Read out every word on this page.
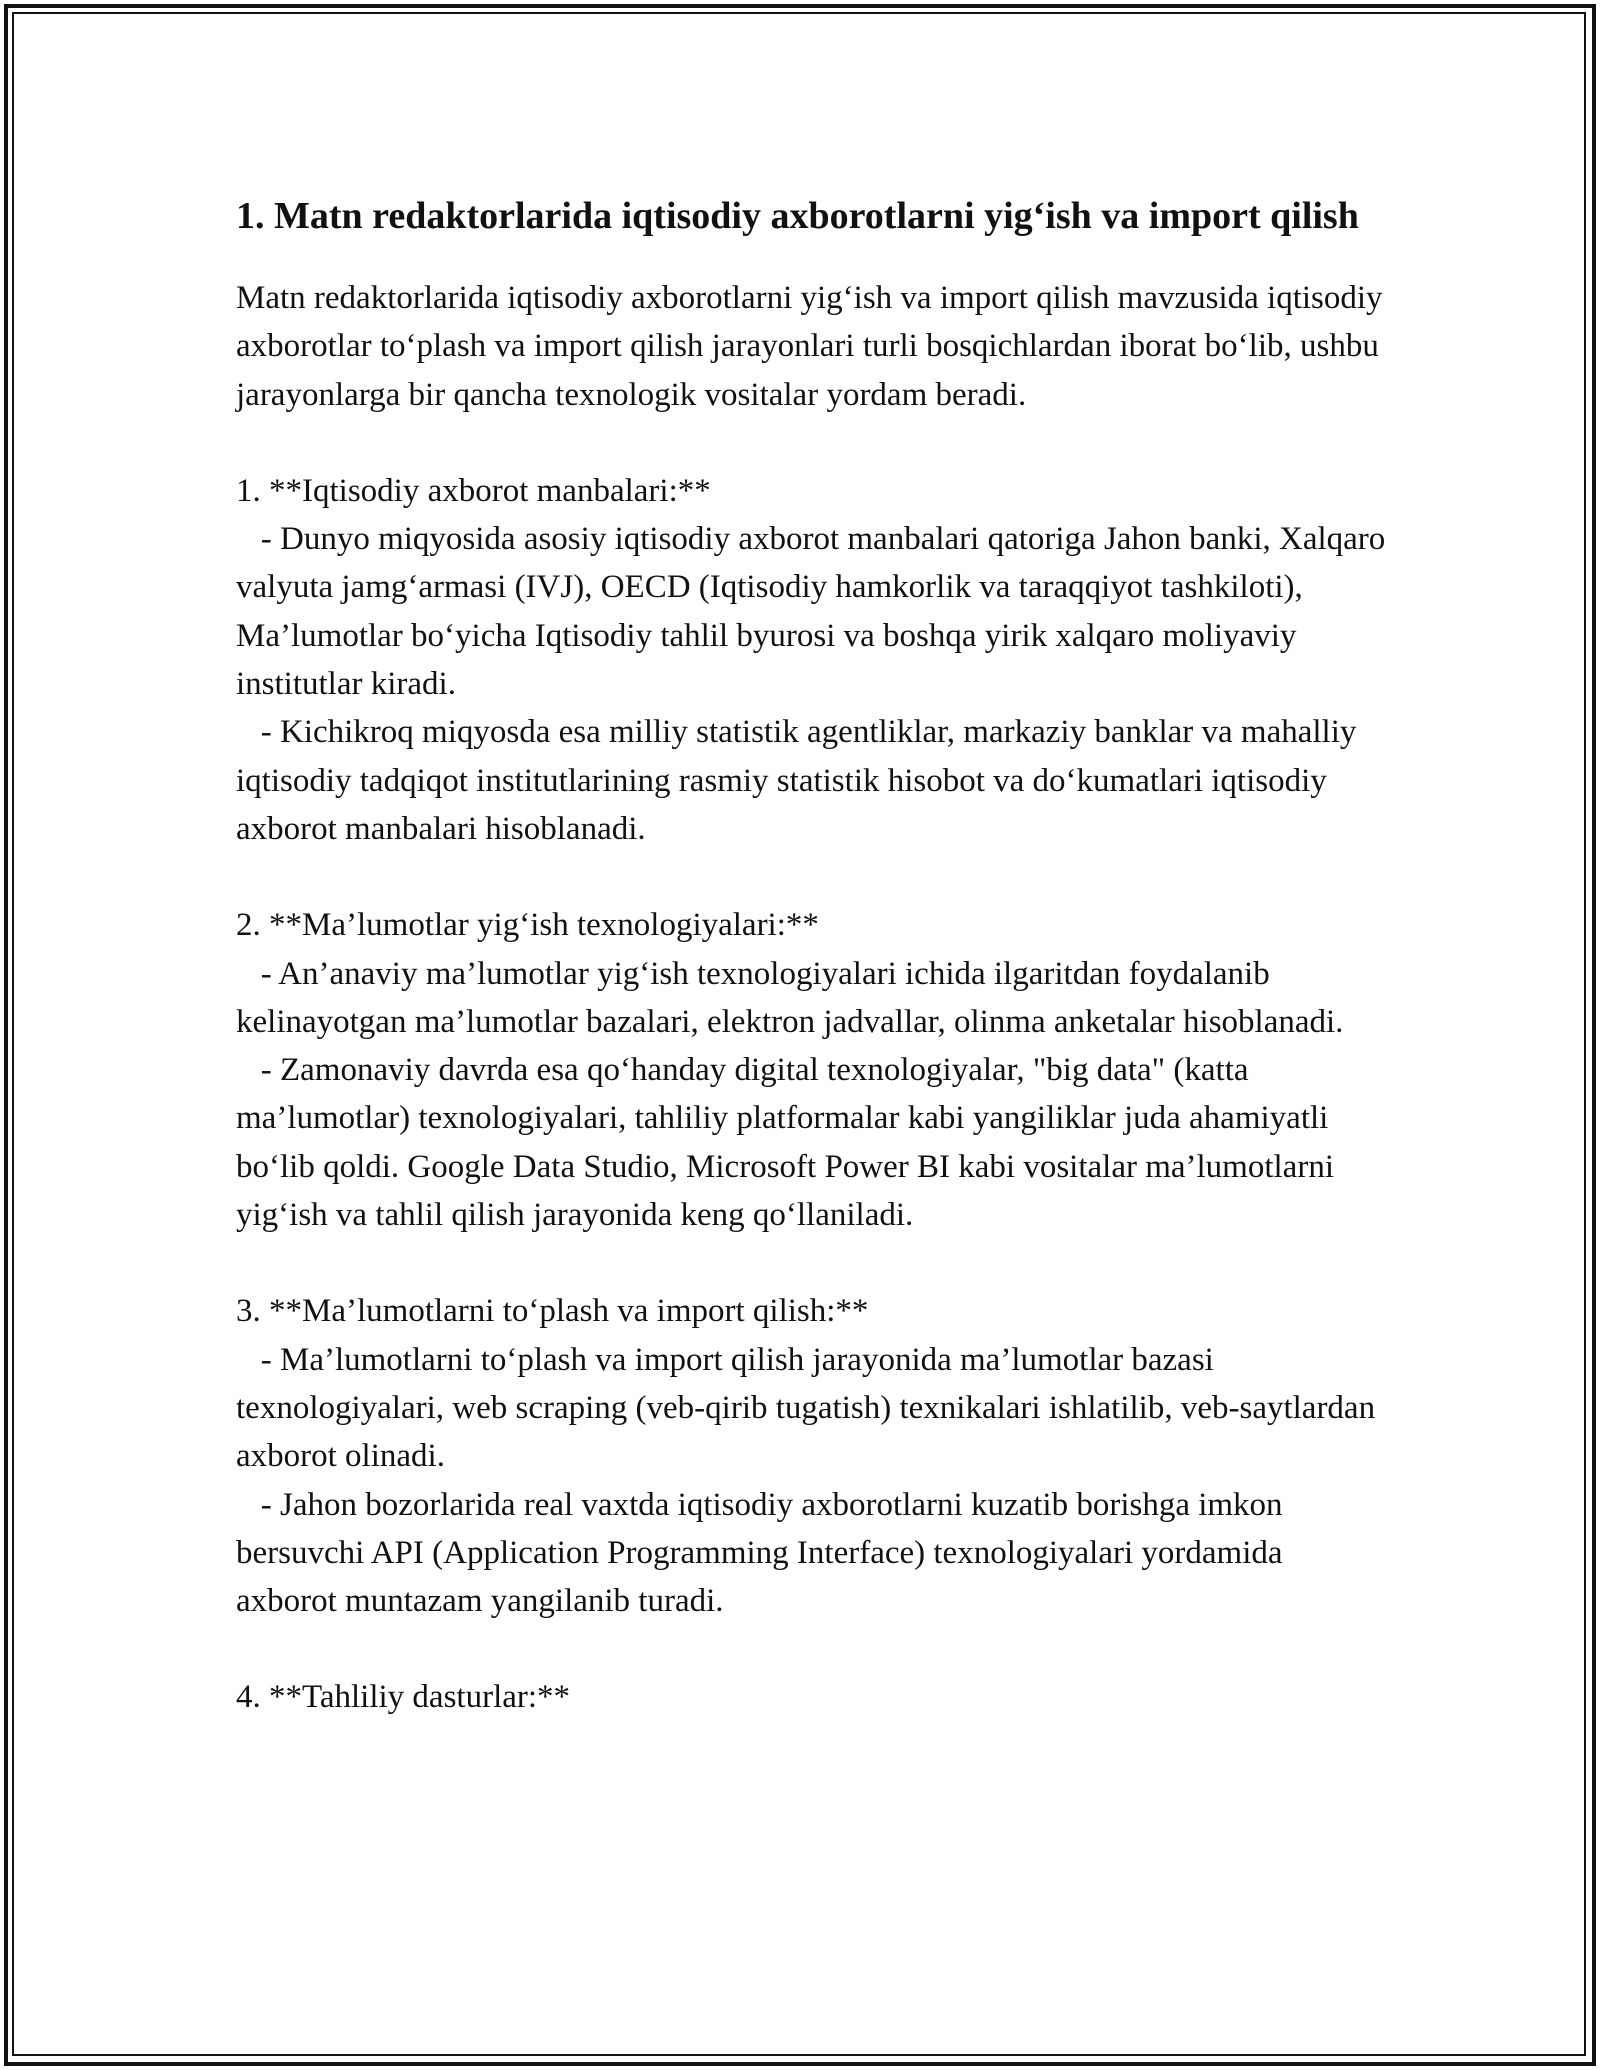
1. Matn redaktorlarida iqtisodiy axborotlarni yig‘ish va import qilish

Matn redaktorlarida iqtisodiy axborotlarni yig‘ish va import qilish mavzusida iqtisodiy axborotlar to‘plash va import qilish jarayonlari turli bosqichlardan iborat bo‘lib, ushbu jarayonlarga bir qancha texnologik vositalar yordam beradi.

1. **Iqtisodiy axborot manbalari:**

- Dunyo miqyosida asosiy iqtisodiy axborot manbalari qatoriga Jahon banki, Xalqaro valyuta jamg‘armasi (IVJ), OECD (Iqtisodiy hamkorlik va taraqqiyot tashkiloti), Ma’lumotlar bo‘yicha Iqtisodiy tahlil byurosi va boshqa yirik xalqaro moliyaviy institutlar kiradi.

- Kichikroq miqyosda esa milliy statistik agentliklar, markaziy banklar va mahalliy iqtisodiy tadqiqot institutlarining rasmiy statistik hisobot va do‘kumatlari iqtisodiy axborot manbalari hisoblanadi.

2. **Ma’lumotlar yig‘ish texnologiyalari:**

- An’anaviy ma’lumotlar yig‘ish texnologiyalari ichida ilgaritdan foydalanib kelinayotgan ma’lumotlar bazalari, elektron jadvallar, olinma anketalar hisoblanadi.

- Zamonaviy davrda esa qo‘handay digital texnologiyalar, "big data" (katta ma’lumotlar) texnologiyalari, tahliliy platformalar kabi yangiliklar juda ahamiyatli bo‘lib qoldi. Google Data Studio, Microsoft Power BI kabi vositalar ma’lumotlarni yig‘ish va tahlil qilish jarayonida keng qo‘llaniladi.

3. **Ma’lumotlarni to‘plash va import qilish:**

- Ma’lumotlarni to‘plash va import qilish jarayonida ma’lumotlar bazasi texnologiyalari, web scraping (veb-qirib tugatish) texnikalari ishlatilib, veb-saytlardan axborot olinadi.

- Jahon bozorlarida real vaxtda iqtisodiy axborotlarni kuzatib borishga imkon bersuvchi API (Application Programming Interface) texnologiyalari yordamida axborot muntazam yangilanib turadi.

4. **Tahliliy dasturlar:**
